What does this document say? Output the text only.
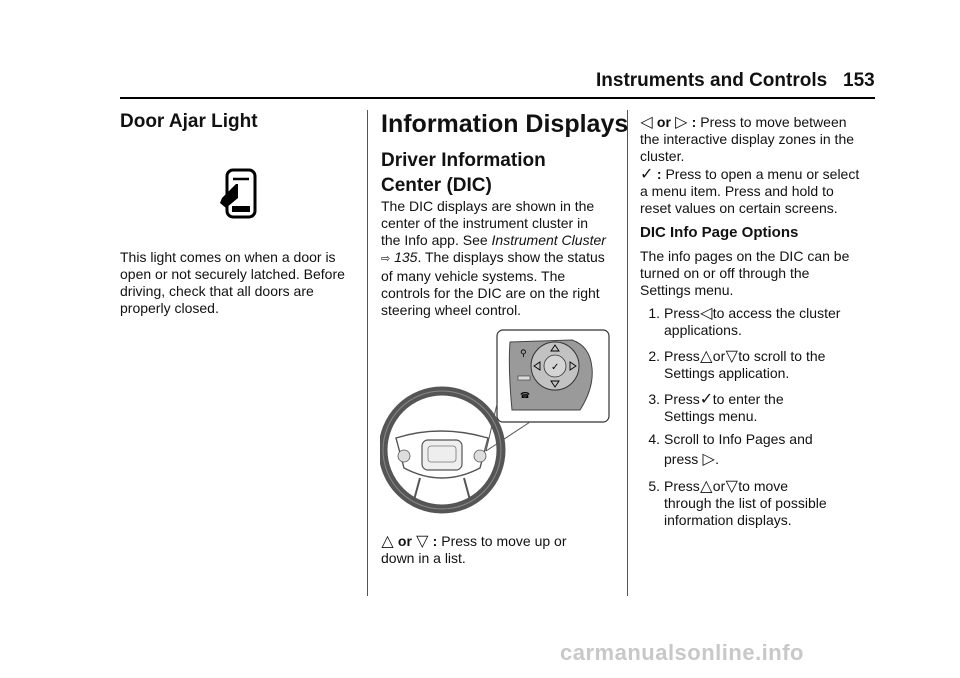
Instruments and Controls 153
Door Ajar Light
This light comes on when a door is
open or not securely latched. Before
driving, check that all doors are
properly closed.
Information Displays
Driver Information
Center (DIC)
The DIC displays are shown in the
center of the instrument cluster in
the Info app. See Instrument Cluster
⇨ 135. The displays show the status
of many vehicle systems. The
controls for the DIC are on the right
steering wheel control.
✓
⚲
☎
△ or ▽ : Press to move up or
down in a list.
◁ or ▷ : Press to move between
the interactive display zones in the
cluster.
✓ : Press to open a menu or select
a menu item. Press and hold to
reset values on certain screens.
DIC Info Page Options
The info pages on the DIC can be
turned on or off through the
Settings menu.
1. Press◁to access the cluster
applications.
2. Press△or▽to scroll to the
Settings application.
3. Press✓to enter the
Settings menu.
4. Scroll to Info Pages and
press ▷.
5. Press△or▽to move
through the list of possible
information displays.
carmanualsonline.info
